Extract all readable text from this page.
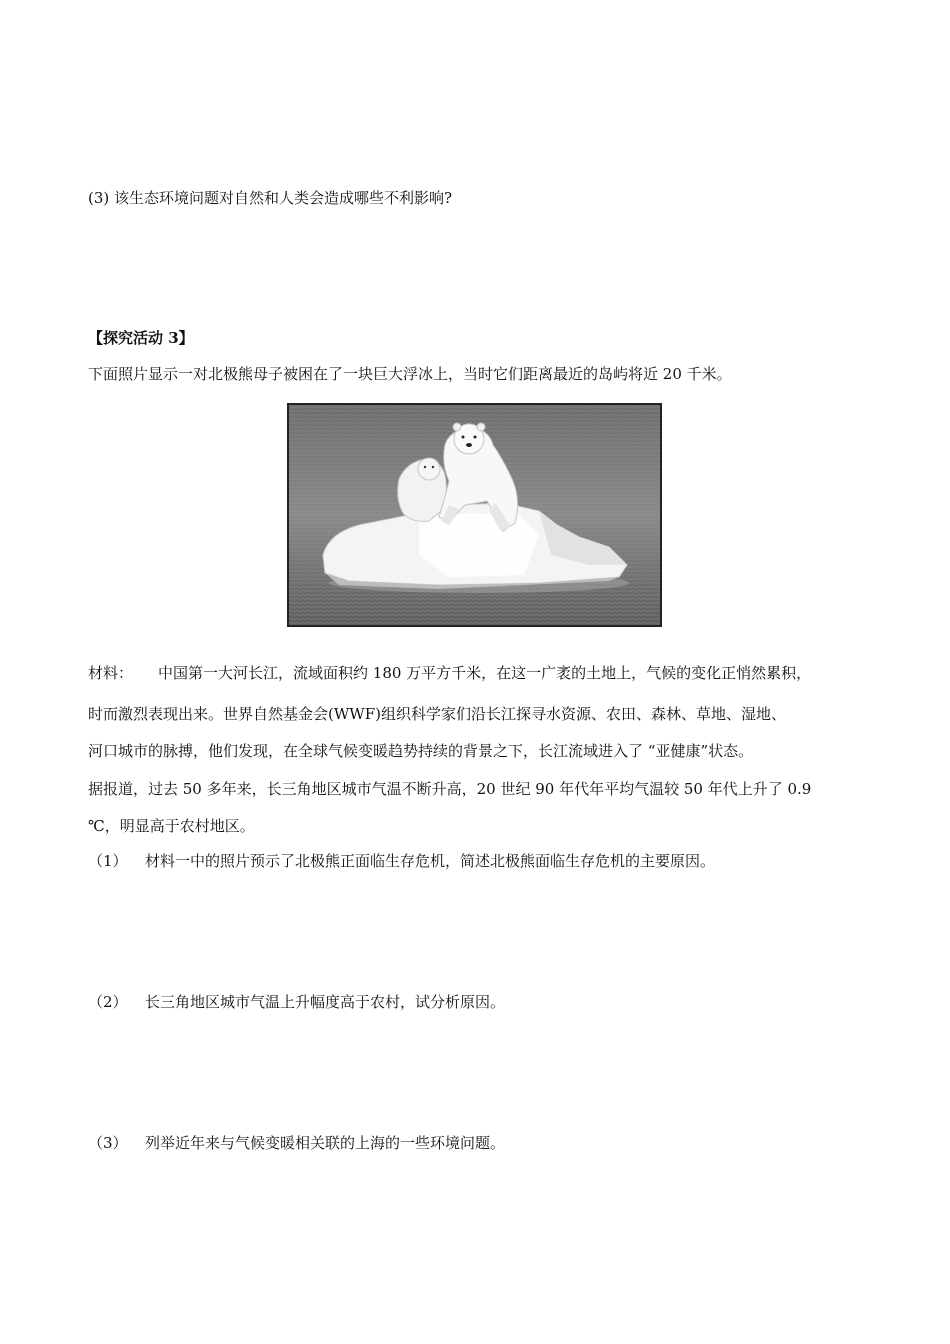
(3) 该生态环境问题对自然和人类会造成哪些不利影响?
【探究活动 3】
下面照片显示一对北极熊母子被困在了一块巨大浮冰上，当时它们距离最近的岛屿将近 20 千米。
材料： 中国第一大河长江，流域面积约 180 万平方千米，在这一广袤的土地上，气候的变化正悄然累积，
时而激烈表现出来。世界自然基金会(WWF)组织科学家们沿长江探寻水资源、农田、森林、草地、湿地、
河口城市的脉搏，他们发现，在全球气候变暖趋势持续的背景之下，长江流域进入了 “亚健康”状态。
据报道，过去 50 多年来，长三角地区城市气温不断升高，20 世纪 90 年代年平均气温较 50 年代上升了 0.9
℃，明显高于农村地区。
（1） 材料一中的照片预示了北极熊正面临生存危机，简述北极熊面临生存危机的主要原因。
（2） 长三角地区城市气温上升幅度高于农村，试分析原因。
（3） 列举近年来与气候变暖相关联的上海的一些环境问题。
